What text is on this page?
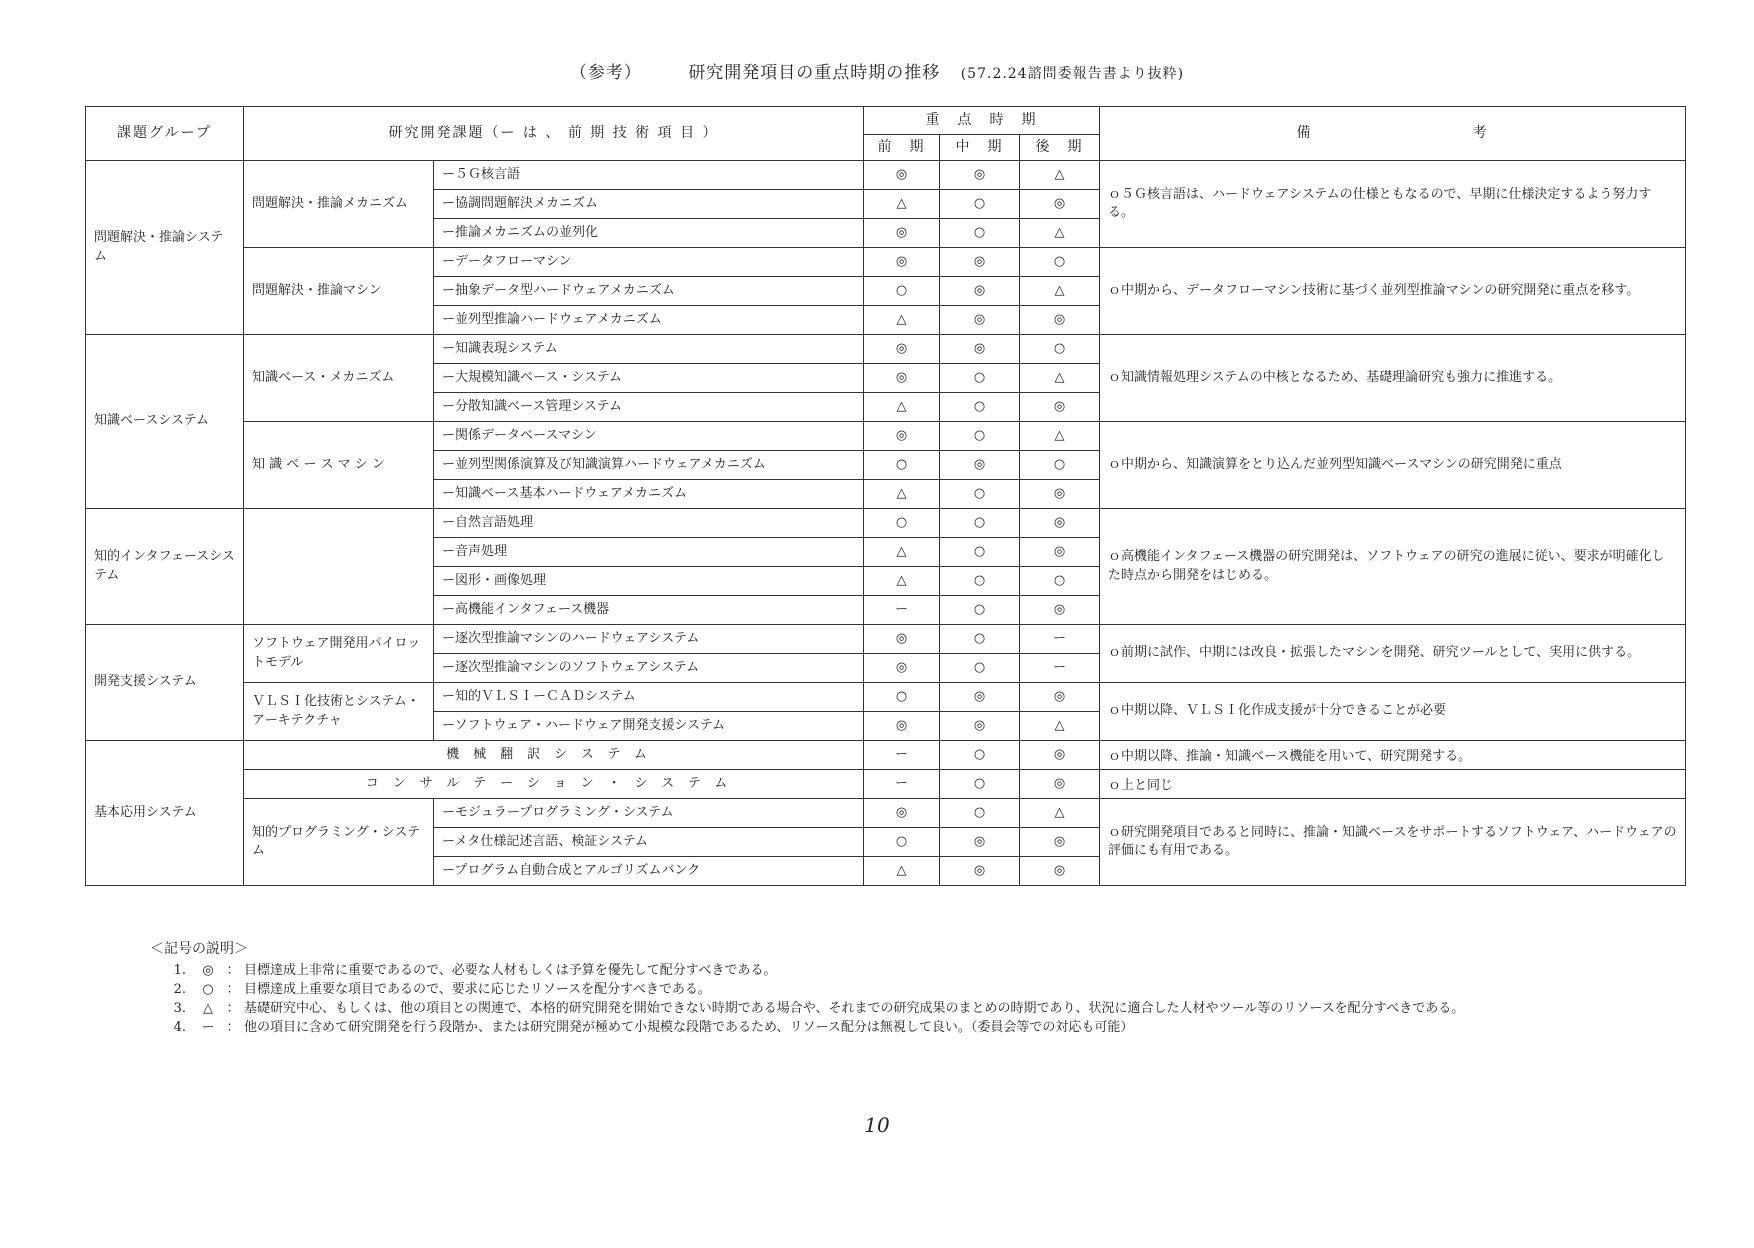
（参考）	研究開発項目の重点時期の推移 (57.2.24諮問委報告書より抜粋)
課題グループ	研究開発課題（ー は 、 前 期 技 術 項 目 ）		重　点　時　期			備　　　　　　　　　　考
			前　期	中　期	後　期	
問題解決・推論システム	問題解決・推論メカニズム	ー５Ｇ核言語	◎	◎	△	ｏ５Ｇ核言語は、ハードウェアシステムの仕様ともなるので、早期に仕様決定するよう努力する。
		ー協調問題解決メカニズム	△	○	◎	
		ー推論メカニズムの並列化	◎	○	△	
	問題解決・推論マシン	ーデータフローマシン	◎	◎	○	ｏ中期から、データフローマシン技術に基づく並列型推論マシンの研究開発に重点を移す。
		ー抽象データ型ハードウェアメカニズム	○	◎	△	
		ー並列型推論ハードウェアメカニズム	△	◎	◎	
知識ベースシステム	知識ベース・メカニズム	ー知識表現システム	◎	◎	○	ｏ知識情報処理システムの中核となるため、基礎理論研究も強力に推進する。
		ー大規模知識ベース・システム	◎	○	△	
		ー分散知識ベース管理システム	△	○	◎	
	知 識 ベ ー ス マ シ ン	ー関係データベースマシン	◎	○	△	ｏ中期から、知識演算をとり込んだ並列型知識ベースマシンの研究開発に重点
		ー並列型関係演算及び知識演算ハードウェアメカニズム	○	◎	○	
		ー知識ベース基本ハードウェアメカニズム	△	○	◎	
知的インタフェースシステム		ー自然言語処理	○	○	◎	ｏ高機能インタフェース機器の研究開発は、ソフトウェアの研究の進展に従い、要求が明確化した時点から開発をはじめる。
		ー音声処理	△	○	◎	
		ー図形・画像処理	△	○	○	
		ー高機能インタフェース機器	ー	○	◎	
開発支援システム	ソフトウェア開発用パイロットモデル	ー逐次型推論マシンのハードウェアシステム	◎	○	ー	ｏ前期に試作、中期には改良・拡張したマシンを開発、研究ツールとして、実用に供する。
		ー逐次型推論マシンのソフトウェアシステム	◎	○	ー	
	ＶＬＳＩ化技術とシステム・アーキテクチャ	ー知的ＶＬＳＩーＣＡＤシステム	○	◎	◎	ｏ中期以降、ＶＬＳＩ化作成支援が十分できることが必要
		ーソフトウェア・ハードウェア開発支援システム	◎	◎	△	
基本応用システム	機械翻訳システム		ー	○	◎	ｏ中期以降、推論・知識ベース機能を用いて、研究開発する。
	コンサルテーション・システム		ー	○	◎	ｏ上と同じ
	知的プログラミング・システム	ーモジュラープログラミング・システム	◎	○	△	ｏ研究開発項目であると同時に、推論・知識ベースをサポートするソフトウェア、ハードウェアの評価にも有用である。
		ーメタ仕様記述言語、検証システム	○	◎	◎	
		ープログラム自動合成とアルゴリズムバンク	△	◎	◎	
＜記号の説明＞
1.	◎ ： 目標達成上非常に重要であるので、必要な人材もしくは予算を優先して配分すべきである。
2.	○ ： 目標達成上重要な項目であるので、要求に応じたリソースを配分すべきである。
3.	△	： 基礎研究中心、もしくは、他の項目との関連で、本格的研究開発を開始できない時期である場合や、それまでの研究成果のまとめの時期であり、状況に適合した人材やツール等のリソースを配分すべきである。
4.	ー ： 他の項目に含めて研究開発を行う段階か、または研究開発が極めて小規模な段階であるため、リソース配分は無視して良い。（委員会等での対応も可能）
10
